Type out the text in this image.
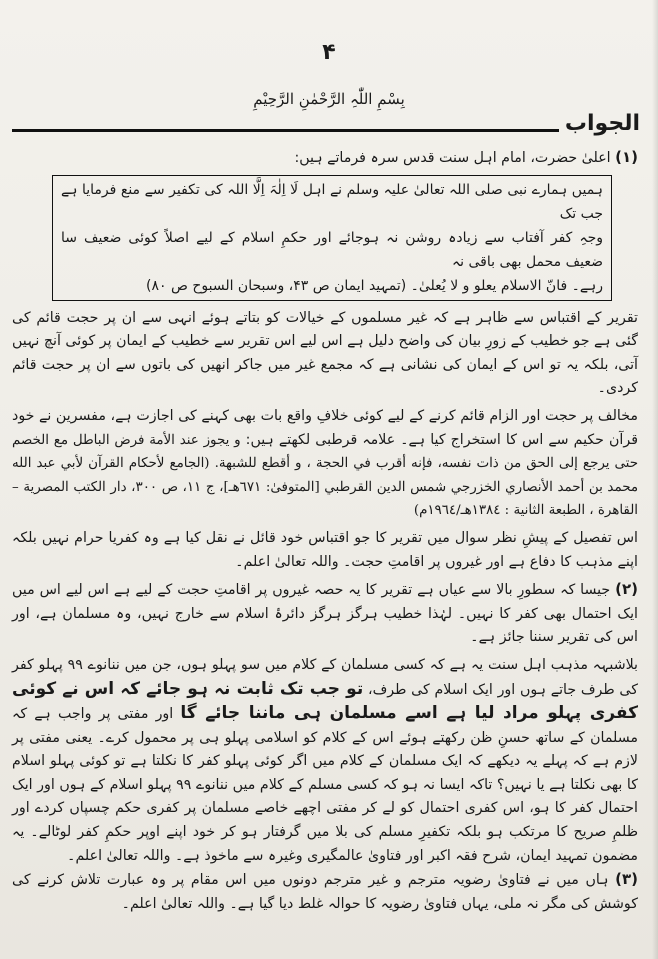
۴
بِسْمِ اللّٰہِ الرَّحْمٰنِ الرَّحِیْمِ
الجواب

(۱) اعلیٰ حضرت، امام اہل سنت قدس سرہ فرماتے ہیں:

ہمیں ہمارے نبی صلی اللہ تعالیٰ علیہ وسلم نے اہل لَا اِلٰہَ اِلَّا اللہ کی تکفیر سے منع فرمایا ہے جب تک

وجہِ کفر آفتاب سے زیادہ روشن نہ ہوجائے اور حکمِ اسلام کے لیے اصلاً کوئی ضعیف سا ضعیف محمل بھی باقی نہ

رہے۔ فانّ الاسلام یعلو و لا یُعلیٰ۔ (تمہید ایمان ص ۴۳، وسبحان السبوح ص ۸۰)

تقریر کے اقتباس سے ظاہر ہے کہ غیر مسلموں کے خیالات کو بتاتے ہوئے انہی سے ان پر حجت قائم کی گئی ہے جو خطیب کے زورِ بیان کی واضح دلیل ہے اس لیے اس تقریر سے خطیب کے ایمان پر کوئی آنچ نہیں آتی، بلکہ یہ تو اس کے ایمان کی نشانی ہے کہ مجمع غیر میں جاکر انھیں کی باتوں سے ان پر حجت قائم کردی۔

مخالف پر حجت اور الزام قائم کرنے کے لیے کوئی خلافِ واقع بات بھی کہنے کی اجازت ہے، مفسرین نے خود قرآن حکیم سے اس کا استخراج کیا ہے۔ علامہ قرطبی لکھتے ہیں: و یجوز عند الأمة فرض الباطل مع الخصم حتی یرجع إلی الحق من ذات نفسه، فإنه أقرب في الحجة ، و أقطع للشبهة. (الجامع لأحكام القرآن لأبي عبد الله محمد بن أحمد الأنصاري الخزرجي شمس الدين القرطبي [المتوفىٰ: ٦٧١هـ]، ج ١١، ص ٣٠٠، دار الكتب المصرية – القاهرة ، الطبعة الثانية : ١٣٨٤هـ/١٩٦٤م)

اس تفصیل کے پیشِ نظر سوال میں تقریر کا جو اقتباس خود قائل نے نقل کیا ہے وہ کفریا حرام نہیں بلکہ اپنے مذہب کا دفاع ہے اور غیروں پر اقامتِ حجت۔ واللہ تعالیٰ اعلم۔

(۲) جیسا کہ سطورِ بالا سے عیاں ہے تقریر کا یہ حصہ غیروں پر اقامتِ حجت کے لیے ہے اس لیے اس میں ایک احتمال بھی کفر کا نہیں۔ لہٰذا خطیب ہرگز ہرگز دائرۂ اسلام سے خارج نہیں، وہ مسلمان ہے، اور اس کی تقریر سننا جائز ہے۔

بلاشبہہ مذہب اہل سنت یہ ہے کہ کسی مسلمان کے کلام میں سو پہلو ہوں، جن میں ننانوے ۹۹ پہلو کفر کی طرف جاتے ہوں اور ایک اسلام کی طرف، تو جب تک ثابت نہ ہو جائے کہ اس نے کوئی کفری پہلو مراد لیا ہے اسے مسلمان ہی ماننا جائے گا اور مفتی پر واجب ہے کہ مسلمان کے ساتھ حسنِ ظن رکھتے ہوئے اس کے کلام کو اسلامی پہلو ہی پر محمول کرے۔ یعنی مفتی پر لازم ہے کہ پہلے یہ دیکھے کہ ایک مسلمان کے کلام میں اگر کوئی پہلو کفر کا نکلتا ہے تو کوئی پہلو اسلام کا بھی نکلتا ہے یا نہیں؟ تاکہ ایسا نہ ہو کہ کسی مسلم کے کلام میں ننانوے ۹۹ پہلو اسلام کے ہوں اور ایک احتمال کفر کا ہو، اس کفری احتمال کو لے کر مفتی اچھے خاصے مسلمان پر کفری حکم چسپاں کردے اور ظلمِ صریح کا مرتکب ہو بلکہ تکفیرِ مسلم کی بلا میں گرفتار ہو کر خود اپنے اوپر حکمِ کفر لوٹالے۔ یہ مضمون تمہید ایمان، شرح فقہ اکبر اور فتاویٰ عالمگیری وغیرہ سے ماخوذ ہے۔ واللہ تعالیٰ اعلم۔

(۳) ہاں میں نے فتاویٰ رضویہ مترجم و غیر مترجم دونوں میں اس مقام پر وہ عبارت تلاش کرنے کی کوشش کی مگر نہ ملی، یہاں فتاویٰ رضویہ کا حوالہ غلط دیا گیا ہے۔ واللہ تعالیٰ اعلم۔
